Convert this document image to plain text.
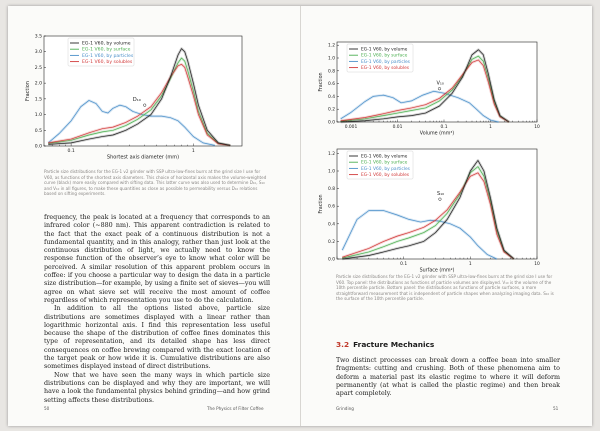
0.0
0.5
1.0
1.5
2.0
2.5
3.0
3.5
0.1	1
Shortest axis diameter (mm)
Fraction	D₁₀
EG-1 V60, by volume
EG-1 V60, by surface
EG-1 V60, by particles
EG-1 V60, by solubles
Particle size distributions for the EG-1 v2 grinder with SSP ultra-low-fines burrs at the grind size I use for V60, as functions of the shortest axis diameters. This choice of horizontal axis makes the volume-weighted curve (black) more easily compared with sifting data. This latter curve was also used to determine D₁₀, S₁₀ and V₁₀ in all figures, to make these quantities as close as possible to permeability versus D₁₀ relations based on sifting experiments.

frequency, the peak is located at a frequency that corresponds to an infrared color (~880 nm). This apparent contradiction is related to the fact that the exact peak of a continuous distribution is not a fundamental quantity, and in this analogy, rather than just look at the continuous distribution of light, we actually need to know the response function of the observer’s eye to know what color will be perceived. A similar resolution of this apparent problem occurs in coffee: if you choose a particular way to design the data in a particle size distribution—for example, by using a finite set of sieves—you will agree on what sieve set will receive the most amount of coffee regardless of which representation you use to do the calculation.

In addition to all the options listed above, particle size distributions are sometimes displayed with a linear rather than logarithmic horizontal axis. I find this representation less useful because the shape of the distribution of coffee fines dominates this type of representation, and its detailed shape has less direct consequences on coffee brewing compared with the exact location of the target peak or how wide it is. Cumulative distributions are also sometimes displayed instead of direct distributions.

Now that we have seen the many ways in which particle size distributions can be displayed and why they are important, we will have a look the fundamental physics behind grinding—and how grind setting affects these distributions.

50	The Physics of Filter Coffee
0.0
0.2
0.4
0.6
0.8
1.0
1.2
0.001	0.01	0.1	1	10
Volume (mm³)
Fraction	V₁₀
EG-1 V60, by volume
EG-1 V60, by surface
EG-1 V60, by particles
EG-1 V60, by solubles
0.0
0.2
0.4
0.6
0.8
1.0
1.2
0.1	1	10
Surface (mm²)
Fraction
S₁₀
EG-1 V60, by volume
EG-1 V60, by surface
EG-1 V60, by particles
EG-1 V60, by solubles
Particle size distributions for the EG-1 v2 grinder with SSP ultra-low-fines burrs at the grind size I use for V60. Top panel: the distributions as functions of particle volumes are displayed. V₁₀ is the volume of the 10th percentile particle. Bottom panel: the distributions as functions of particle surfaces, a more straightforward measurement that is independent of particle shapes when analyzing imaging data. S₁₀ is the surface of the 10th percentile particle.
3.2 Fracture Mechanics
Two distinct processes can break down a coffee bean into smaller fragments: cutting and crushing. Both of these phenomena aim to deform a material past its elastic regime to where it will deform permanently (at what is called the plastic regime) and then break apart completely.
Grinding	51
